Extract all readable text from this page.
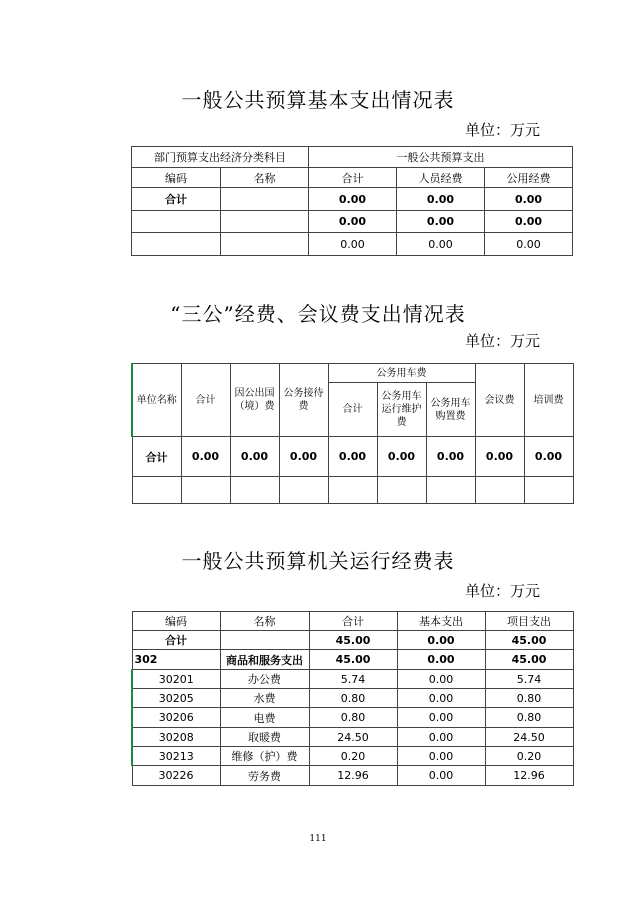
一般公共预算基本支出情况表
单位：万元
部门预算支出经济分类科目		一般公共预算支出		
编码	名称	合计	人员经费	公用经费
合计		0.00	0.00	0.00
		0.00	0.00	0.00
		0.00	0.00	0.00
“三公”经费、会议费支出情况表
单位：万元
单位名称	合计	因公出国（境）费	公务接待费	公务用车费			会议费	培训费
				合计	公务用车运行维护费	公务用车购置费		
合计	0.00	0.00	0.00	0.00	0.00	0.00	0.00	0.00

一般公共预算机关运行经费表
单位：万元
编码	名称	合计	基本支出	项目支出
合计		45.00	0.00	45.00
302	商品和服务支出	45.00	0.00	45.00
30201	办公费	5.74	0.00	5.74
30205	水费	0.80	0.00	0.80
30206	电费	0.80	0.00	0.80
30208	取暖费	24.50	0.00	24.50
30213	维修（护）费	0.20	0.00	0.20
30226	劳务费	12.96	0.00	12.96
111
